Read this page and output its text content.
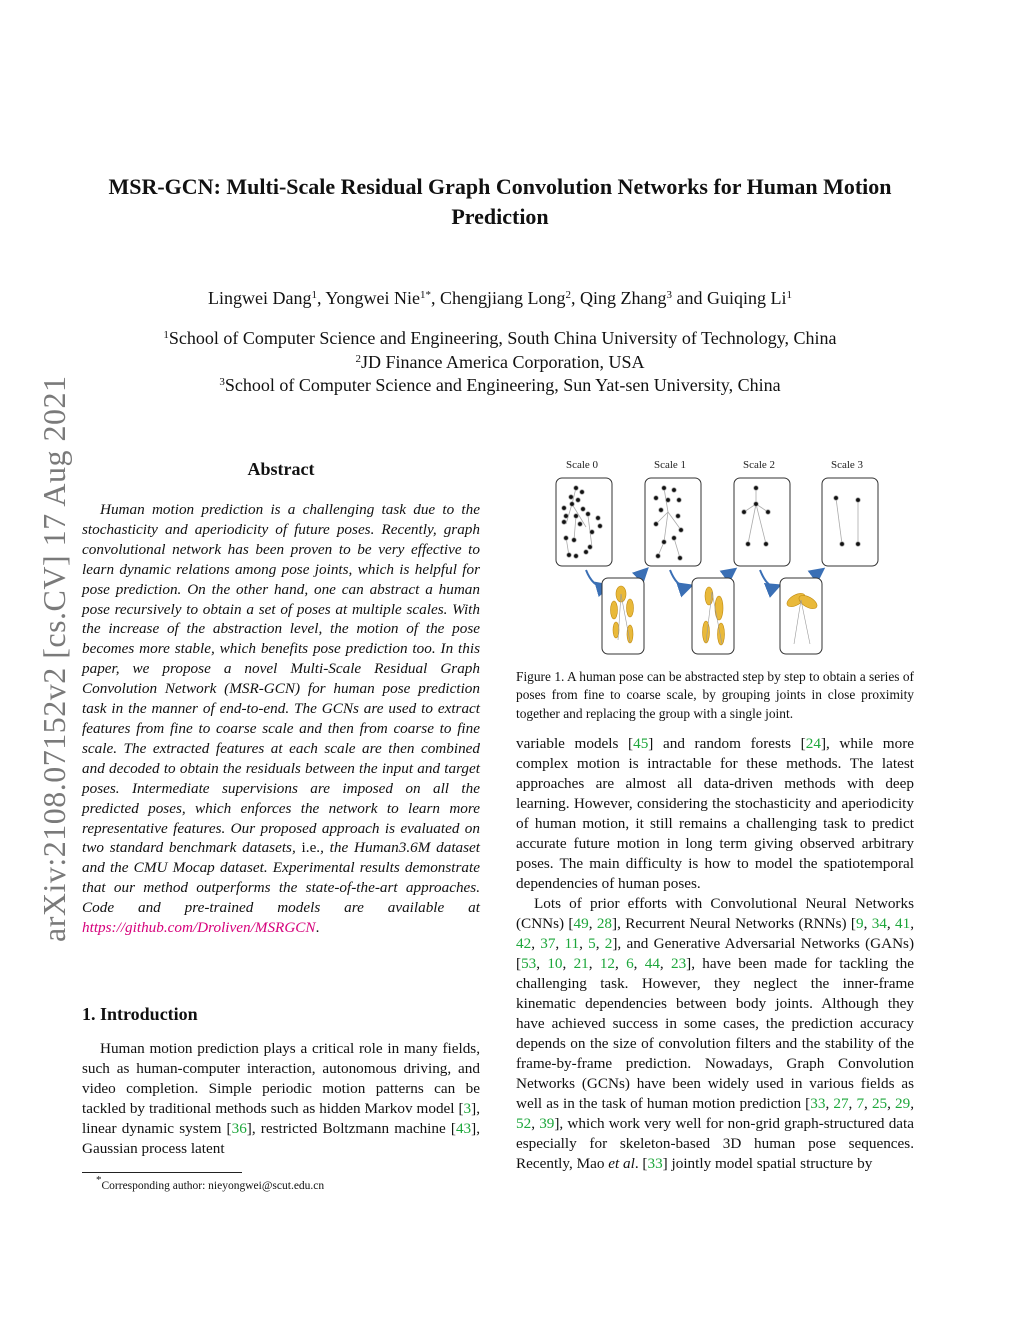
arXiv:2108.07152v2 [cs.CV] 17 Aug 2021
MSR-GCN: Multi-Scale Residual Graph Convolution Networks for Human Motion Prediction
Lingwei Dang$^1$, Yongwei Nie$^{1*}$, Chengjiang Long$^2$, Qing Zhang$^3$ and Guiqing Li$^1$
$^1$School of Computer Science and Engineering, South China University of Technology, China
$^2$JD Finance America Corporation, USA
$^3$School of Computer Science and Engineering, Sun Yat-sen University, China
Abstract
Human motion prediction is a challenging task due to the stochasticity and aperiodicity of future poses. Recently, graph convolutional network has been proven to be very effective to learn dynamic relations among pose joints, which is helpful for pose prediction. On the other hand, one can abstract a human pose recursively to obtain a set of poses at multiple scales. With the increase of the abstraction level, the motion of the pose becomes more stable, which benefits pose prediction too. In this paper, we propose a novel Multi-Scale Residual Graph Convolution Network (MSR-GCN) for human pose prediction task in the manner of end-to-end. The GCNs are used to extract features from fine to coarse scale and then from coarse to fine scale. The extracted features at each scale are then combined and decoded to obtain the residuals between the input and target poses. Intermediate supervisions are imposed on all the predicted poses, which enforces the network to learn more representative features. Our proposed approach is evaluated on two standard benchmark datasets, i.e., the Human3.6M dataset and the CMU Mocap dataset. Experimental results demonstrate that our method outperforms the state-of-the-art approaches. Code and pre-trained models are available at https://github.com/Droliven/MSRGCN.
1. Introduction
Human motion prediction plays a critical role in many fields, such as human-computer interaction, autonomous driving, and video completion. Simple periodic motion patterns can be tackled by traditional methods such as hidden Markov model [3], linear dynamic system [36], restricted Boltzmann machine [43], Gaussian process latent
*Corresponding author: nieyongwei@scut.edu.cn
Scale 0	Scale 1	Scale 2	Scale 3
Figure 1. A human pose can be abstracted step by step to obtain a series of poses from fine to coarse scale, by grouping joints in close proximity together and replacing the group with a single joint.
variable models [45] and random forests [24], while more complex motion is intractable for these methods. The latest approaches are almost all data-driven methods with deep learning. However, considering the stochasticity and aperiodicity of human motion, it still remains a challenging task to predict accurate future motion in long term giving observed arbitrary poses. The main difficulty is how to model the spatiotemporal dependencies of human poses.
Lots of prior efforts with Convolutional Neural Networks (CNNs) [49, 28], Recurrent Neural Networks (RNNs) [9, 34, 41, 42, 37, 11, 5, 2], and Generative Adversarial Networks (GANs) [53, 10, 21, 12, 6, 44, 23], have been made for tackling the challenging task. However, they neglect the inner-frame kinematic dependencies between body joints. Although they have achieved success in some cases, the prediction accuracy depends on the size of convolution filters and the stability of the frame-by-frame prediction. Nowadays, Graph Convolution Networks (GCNs) have been widely used in various fields as well as in the task of human motion prediction [33, 27, 7, 25, 29, 52, 39], which work very well for non-grid graph-structured data especially for skeleton-based 3D human pose sequences. Recently, Mao et al. [33] jointly model spatial structure by
